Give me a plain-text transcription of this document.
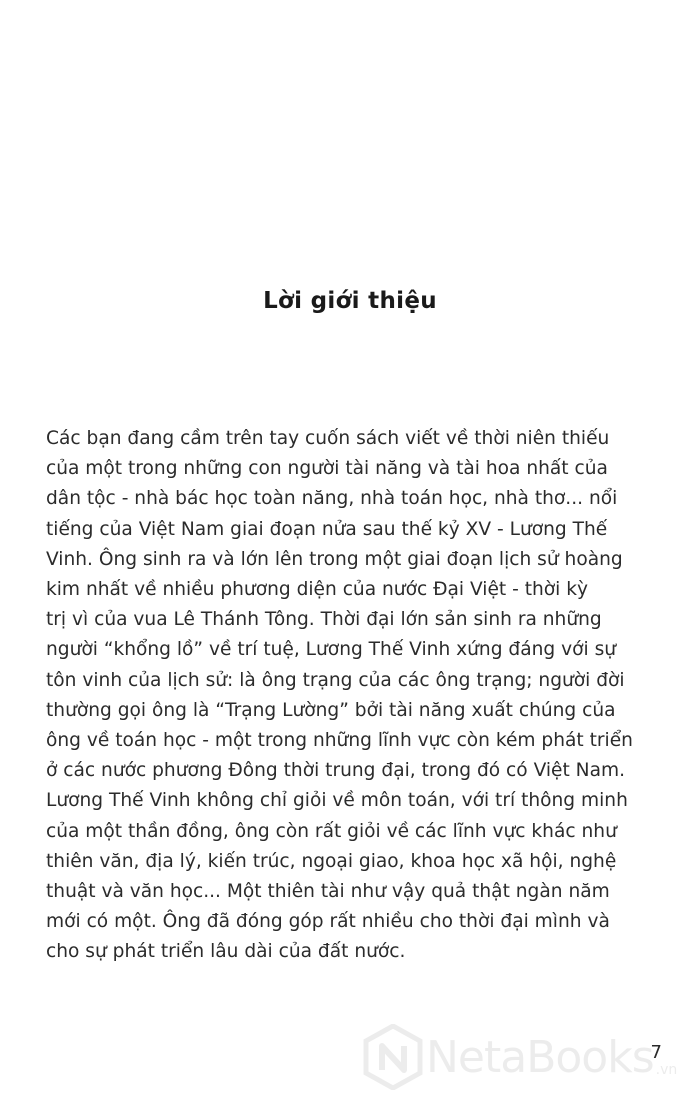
Lời giới thiệu
Các bạn đang cầm trên tay cuốn sách viết về thời niên thiếu
của một trong những con người tài năng và tài hoa nhất của
dân tộc - nhà bác học toàn năng, nhà toán học, nhà thơ... nổi
tiếng của Việt Nam giai đoạn nửa sau thế kỷ XV - Lương Thế
Vinh. Ông sinh ra và lớn lên trong một giai đoạn lịch sử hoàng
kim nhất về nhiều phương diện của nước Đại Việt - thời kỳ
trị vì của vua Lê Thánh Tông. Thời đại lớn sản sinh ra những
người “khổng lồ” về trí tuệ, Lương Thế Vinh xứng đáng với sự
tôn vinh của lịch sử: là ông trạng của các ông trạng; người đời
thường gọi ông là “Trạng Lường” bởi tài năng xuất chúng của
ông về toán học - một trong những lĩnh vực còn kém phát triển
ở các nước phương Đông thời trung đại, trong đó có Việt Nam.
Lương Thế Vinh không chỉ giỏi về môn toán, với trí thông minh
của một thần đồng, ông còn rất giỏi về các lĩnh vực khác như
thiên văn, địa lý, kiến trúc, ngoại giao, khoa học xã hội, nghệ
thuật và văn học... Một thiên tài như vậy quả thật ngàn năm
mới có một. Ông đã đóng góp rất nhiều cho thời đại mình và
cho sự phát triển lâu dài của đất nước.
NetaBooks .vn
7
